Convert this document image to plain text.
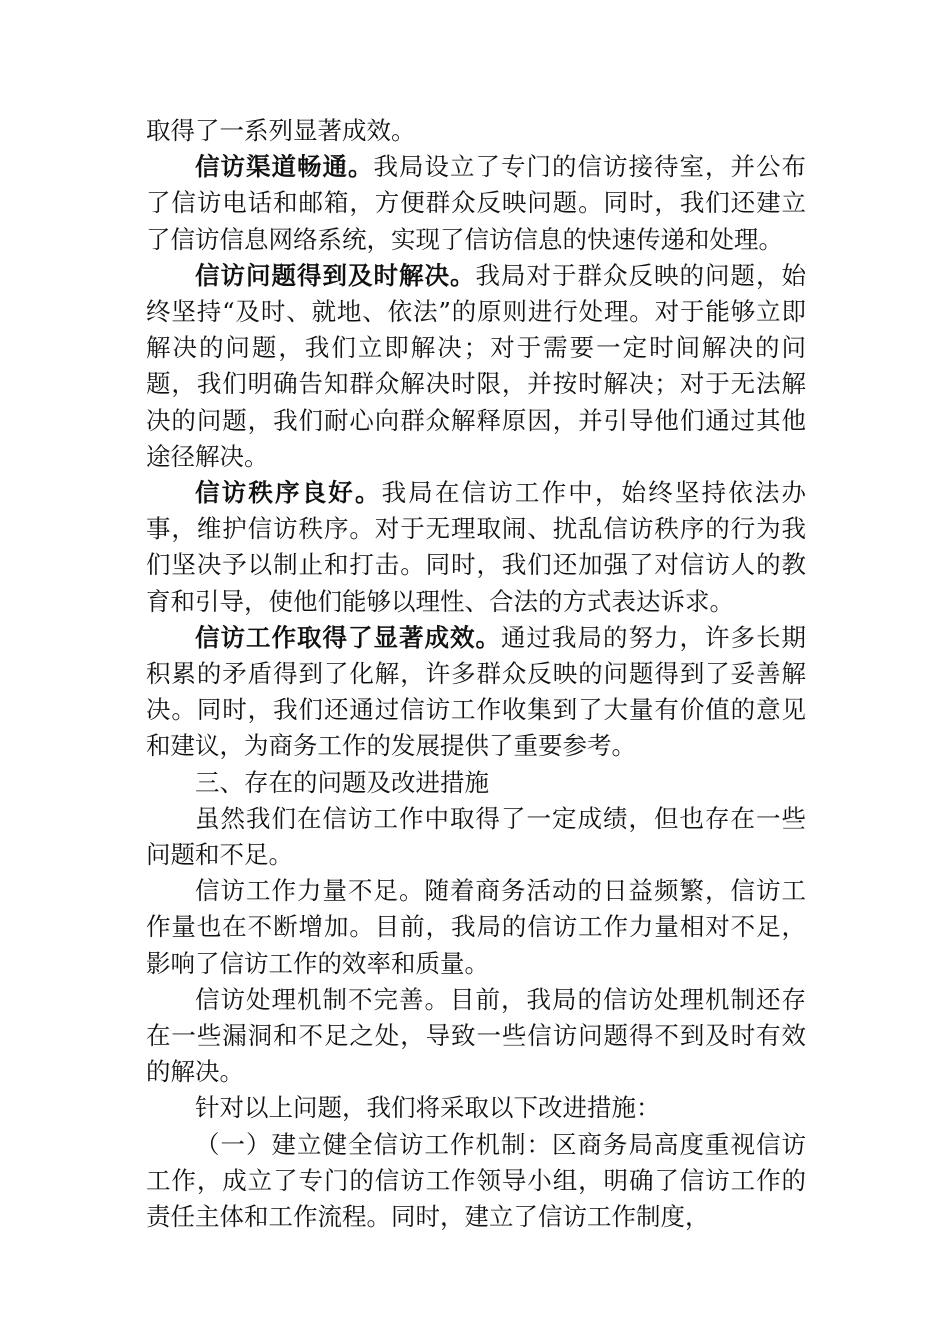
取得了一系列显著成效。

信访渠道畅通。我局设立了专门的信访接待室，并公布了信访电话和邮箱，方便群众反映问题。同时，我们还建立了信访信息网络系统，实现了信访信息的快速传递和处理。

信访问题得到及时解决。我局对于群众反映的问题，始终坚持“及时、就地、依法”的原则进行处理。对于能够立即解决的问题，我们立即解决；对于需要一定时间解决的问题，我们明确告知群众解决时限，并按时解决；对于无法解决的问题，我们耐心向群众解释原因，并引导他们通过其他途径解决。

信访秩序良好。我局在信访工作中，始终坚持依法办事，维护信访秩序。对于无理取闹、扰乱信访秩序的行为我们坚决予以制止和打击。同时，我们还加强了对信访人的教育和引导，使他们能够以理性、合法的方式表达诉求。

信访工作取得了显著成效。通过我局的努力，许多长期积累的矛盾得到了化解，许多群众反映的问题得到了妥善解决。同时，我们还通过信访工作收集到了大量有价值的意见和建议，为商务工作的发展提供了重要参考。

三、存在的问题及改进措施

虽然我们在信访工作中取得了一定成绩，但也存在一些问题和不足。

信访工作力量不足。随着商务活动的日益频繁，信访工作量也在不断增加。目前，我局的信访工作力量相对不足，影响了信访工作的效率和质量。

信访处理机制不完善。目前，我局的信访处理机制还存在一些漏洞和不足之处，导致一些信访问题得不到及时有效的解决。

针对以上问题，我们将采取以下改进措施：

（一）建立健全信访工作机制：区商务局高度重视信访工作，成立了专门的信访工作领导小组，明确了信访工作的责任主体和工作流程。同时，建立了信访工作制度，
